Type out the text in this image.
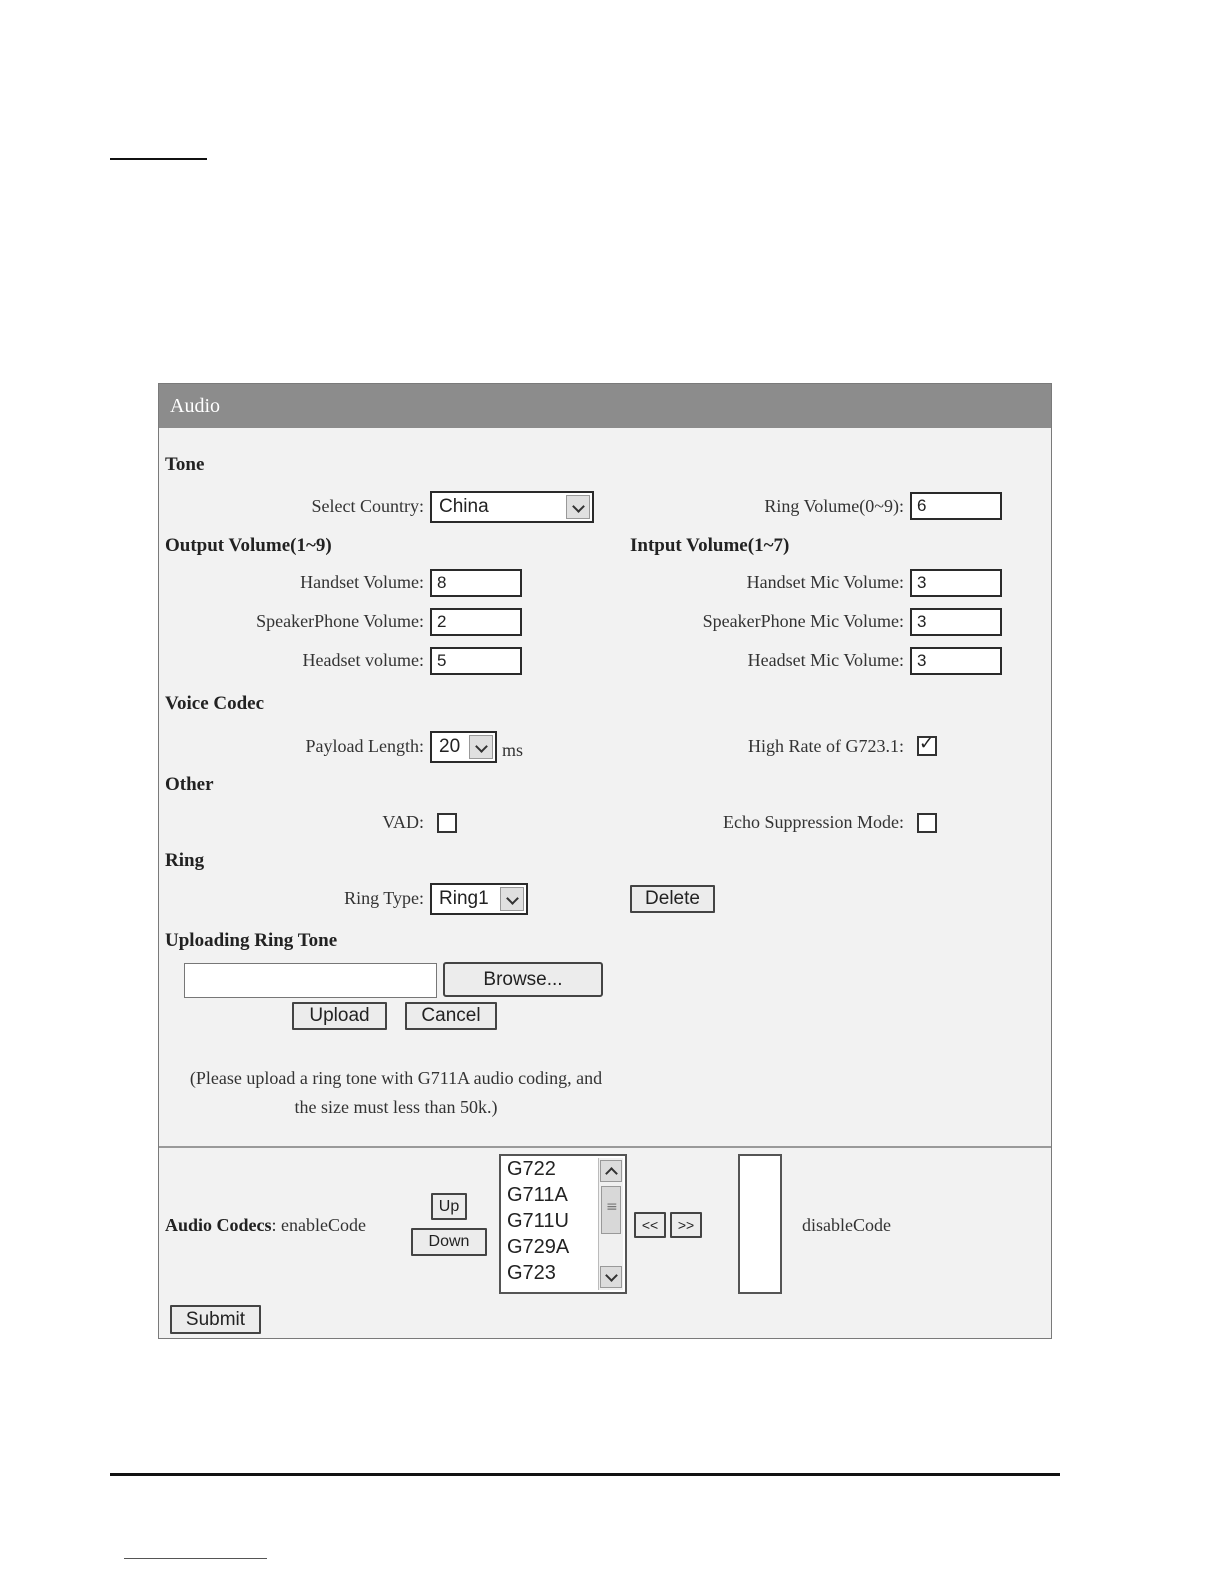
Audio
Tone
Select Country: China	Ring Volume(0~9): 6
Output Volume(1~9)	Intput Volume(1~7)
Handset Volume: 8	Handset Mic Volume: 3
SpeakerPhone Volume: 2	SpeakerPhone Mic Volume: 3
Headset volume: 5	Headset Mic Volume: 3
Voice Codec
Payload Length: 20	ms	High Rate of G723.1: ✓
Other
VAD:	Echo Suppression Mode:
Ring
Ring Type: Ring1	Delete
Uploading Ring Tone
Browse...
Upload	Cancel
(Please upload a ring tone with G711A audio coding, and
the size must less than 50k.)
Audio Codecs: enableCode
Up
Down
G722
G711A
G711U
G729A
G723
≡
<<	>>	disableCode
Submit
